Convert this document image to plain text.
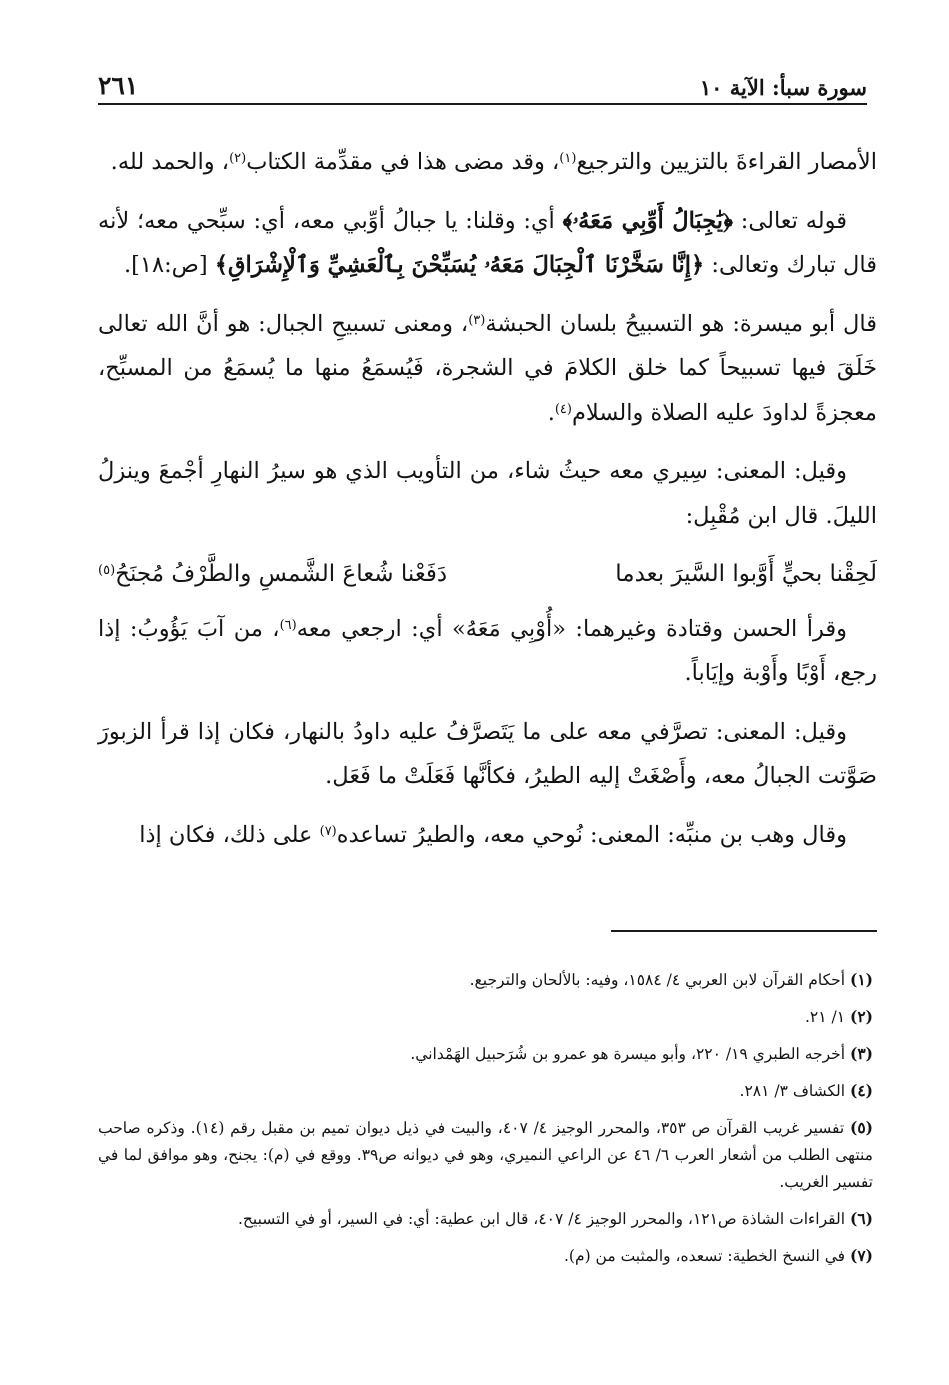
سورة سبأ: الآية ١٠
٢٦١

الأمصار القراءةَ بالتزيين والترجيع$^{(١)}$، وقد مضى هذا في مقدِّمة الكتاب$^{(٢)}$، والحمد لله.

قوله تعالى: ﴿يَٰجِبَالُ أَوِّبِي مَعَهُۥ﴾ أي: وقلنا: يا جبالُ أوِّبي معه، أي: سبِّحي معه؛ لأنه قال تبارك وتعالى: ﴿إِنَّا سَخَّرْنَا ٱلْجِبَالَ مَعَهُۥ يُسَبِّحْنَ بِٱلْعَشِيِّ وَٱلْإِشْرَاقِ﴾ [ص:١٨].

قال أبو ميسرة: هو التسبيحُ بلسان الحبشة$^{(٣)}$، ومعنى تسبيحِ الجبال: هو أنَّ الله تعالى خَلَقَ فيها تسبيحاً كما خلق الكلامَ في الشجرة، فَيُسمَعُ منها ما يُسمَعُ من المسبِّح، معجزةً لداودَ عليه الصلاة والسلام$^{(٤)}$.

وقيل: المعنى: سِيري معه حيثُ شاء، من التأويب الذي هو سيرُ النهارِ أجْمعَ وينزلُ الليلَ. قال ابن مُقْبِل:

لَحِقْنا بحيٍّ أَوَّبوا السَّيرَ بعدما
دَفَعْنا شُعاعَ الشَّمسِ والطَّرْفُ مُجنَحُ$^{(٥)}$

وقرأ الحسن وقتادة وغيرهما: «أُوْبِي مَعَهُ» أي: ارجعي معه$^{(٦)}$، من آبَ يَؤُوبُ: إذا رجع، أَوْبًا وأَوْبة وإيَاباً.

وقيل: المعنى: تصرَّفي معه على ما يَتَصرَّفُ عليه داودُ بالنهار، فكان إذا قرأ الزبورَ صَوَّتت الجبالُ معه، وأَصْغَتْ إليه الطيرُ، فكأنَّها فَعَلَتْ ما فَعَل.

وقال وهب بن منبِّه: المعنى: نُوحي معه، والطيرُ تساعده$^{(٧)}$ على ذلك، فكان إذا

(١) أحكام القرآن لابن العربي ٤/ ١٥٨٤، وفيه: بالألحان والترجيع.

(٢) ١/ ٢١.

(٣) أخرجه الطبري ١٩/ ٢٢٠، وأبو ميسرة هو عمرو بن شُرَحبيل الهَمْداني.

(٤) الكشاف ٣/ ٢٨١.

(٥) تفسير غريب القرآن ص ٣٥٣، والمحرر الوجيز ٤/ ٤٠٧، والبيت في ذيل ديوان تميم بن مقبل رقم (١٤). وذكره صاحب منتهى الطلب من أشعار العرب ٦/ ٤٦ عن الراعي النميري، وهو في ديوانه ص٣٩. ووقع في (م): يجنح، وهو موافق لما في تفسير الغريب.

(٦) القراءات الشاذة ص١٢١، والمحرر الوجيز ٤/ ٤٠٧، قال ابن عطية: أي: في السير، أو في التسبيح.

(٧) في النسخ الخطية: تسعده، والمثبت من (م).
